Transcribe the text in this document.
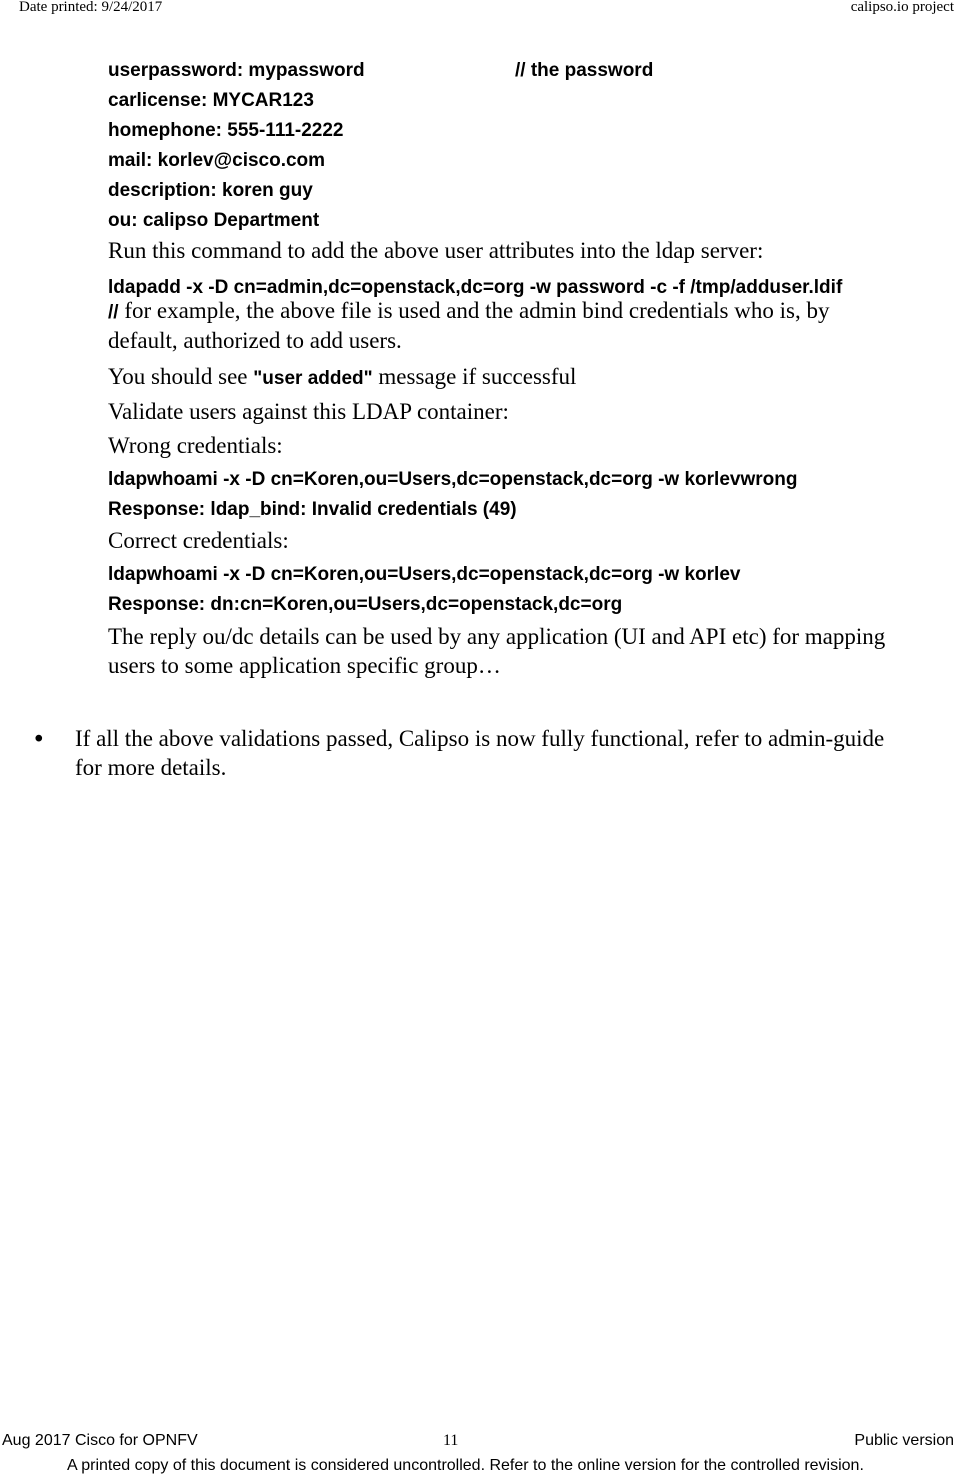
Date printed: 9/24/2017	calipso.io project
userpassword: mypassword	// the password
carlicense: MYCAR123
homephone: 555-111-2222
mail: korlev@cisco.com
description: koren guy
ou: calipso Department
Run this command to add the above user attributes into the ldap server:
ldapadd -x -D cn=admin,dc=openstack,dc=org -w password -c -f /tmp/adduser.ldif
// for example, the above file is used and the admin bind credentials who is, by
default, authorized to add users.
You should see "user added" message if successful
Validate users against this LDAP container:
Wrong credentials:
ldapwhoami -x -D cn=Koren,ou=Users,dc=openstack,dc=org -w korlevwrong
Response: ldap_bind: Invalid credentials (49)
Correct credentials:
ldapwhoami -x -D cn=Koren,ou=Users,dc=openstack,dc=org -w korlev
Response: dn:cn=Koren,ou=Users,dc=openstack,dc=org
The reply ou/dc details can be used by any application (UI and API etc) for mapping
users to some application specific group…
• If all the above validations passed, Calipso is now fully functional, refer to admin-guide
for more details.
Aug 2017 Cisco for OPNFV	11	Public version
A printed copy of this document is considered uncontrolled. Refer to the online version for the controlled revision.
